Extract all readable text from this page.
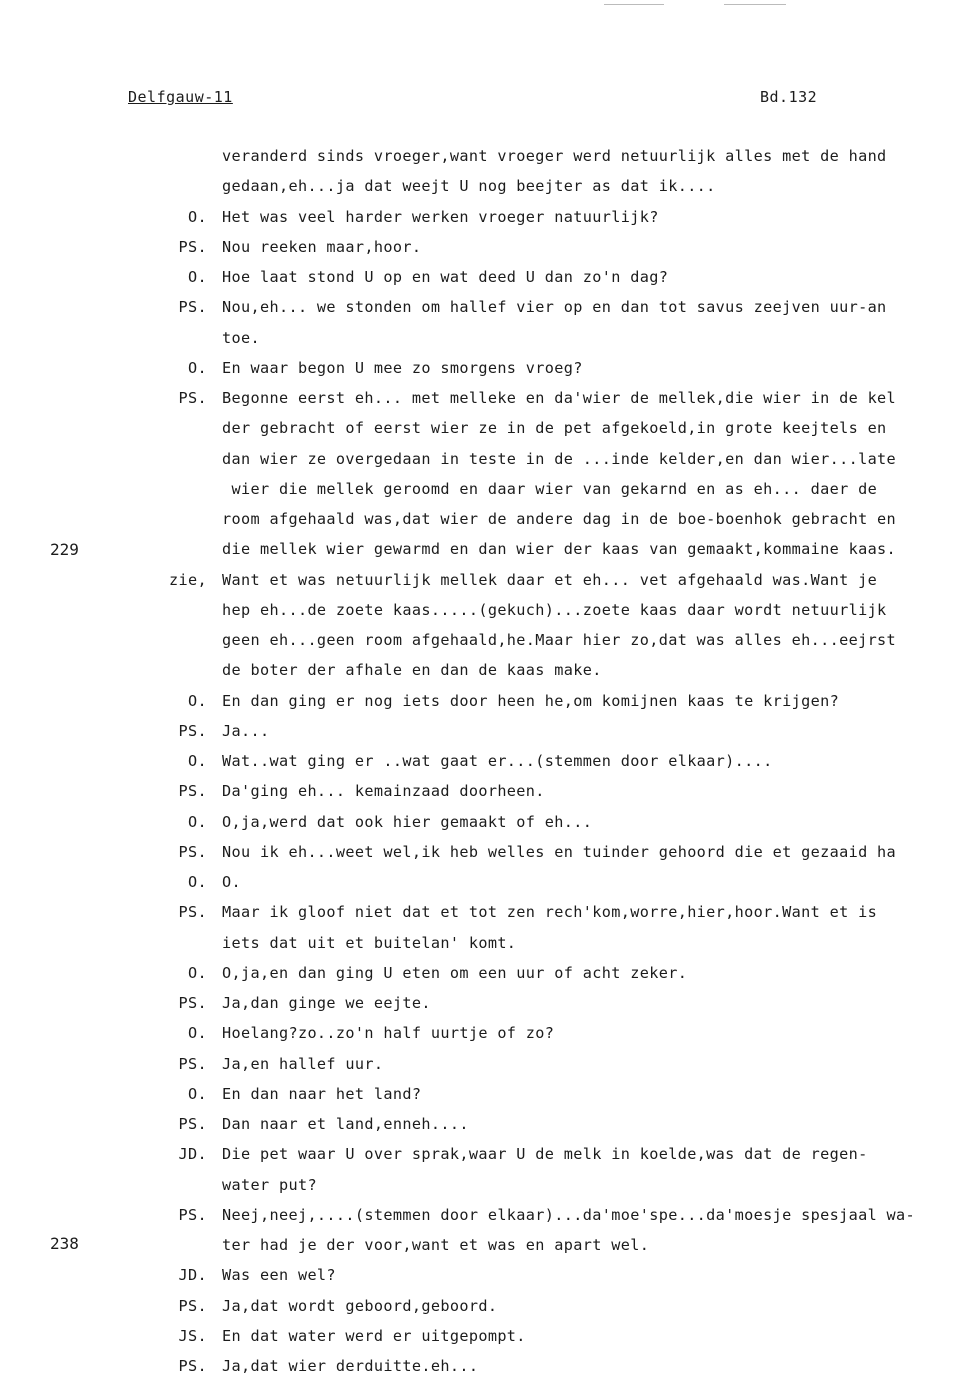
Delfgauw-11	Bd.132
229
238
veranderd sinds vroeger,want vroeger werd netuurlijk alles met de hand
gedaan,eh...ja dat weejt U nog beejter as dat ik....
O. Het was veel harder werken vroeger natuurlijk?
PS. Nou reeken maar,hoor.
O. Hoe laat stond U op en wat deed U dan zo'n dag?
PS. Nou,eh... we stonden om hallef vier op en dan tot savus zeejven uur-an
toe.
O. En waar begon U mee zo smorgens vroeg?
PS. Begonne eerst eh... met melleke en da'wier de mellek,die wier in de kel
der gebracht of eerst wier ze in de pet afgekoeld,in grote keejtels en
dan wier ze overgedaan in teste in de ...inde kelder,en dan wier...late
wier die mellek geroomd en daar wier van gekarnd en as eh... daer de
room afgehaald was,dat wier de andere dag in de boe-boenhok gebracht en
die mellek wier gewarmd en dan wier der kaas van gemaakt,kommaine kaas.
zie, Want et was netuurlijk mellek daar et eh... vet afgehaald was.Want je
hep eh...de zoete kaas.....(gekuch)...zoete kaas daar wordt netuurlijk
geen eh...geen room afgehaald,he.Maar hier zo,dat was alles eh...eejrst
de boter der afhale en dan de kaas make.
O. En dan ging er nog iets door heen he,om komijnen kaas te krijgen?
PS. Ja...
O. Wat..wat ging er ..wat gaat er...(stemmen door elkaar)....
PS. Da'ging eh... kemainzaad doorheen.
O. O,ja,werd dat ook hier gemaakt of eh...
PS. Nou ik eh...weet wel,ik heb welles en tuinder gehoord die et gezaaid ha
O. O.
PS. Maar ik gloof niet dat et tot zen rech'kom,worre,hier,hoor.Want et is
iets dat uit et buitelan' komt.
O. O,ja,en dan ging U eten om een uur of acht zeker.
PS. Ja,dan ginge we eejte.
O. Hoelang?zo..zo'n half uurtje of zo?
PS. Ja,en hallef uur.
O. En dan naar het land?
PS. Dan naar et land,enneh....
JD. Die pet waar U over sprak,waar U de melk in koelde,was dat de regen-
water put?
PS. Neej,neej,....(stemmen door elkaar)...da'moe'spe...da'moesje spesjaal wa-
ter had je der voor,want et was en apart wel.
JD. Was een wel?
PS. Ja,dat wordt geboord,geboord.
JS. En dat water werd er uitgepompt.
PS. Ja,dat wier derduitte.eh...
